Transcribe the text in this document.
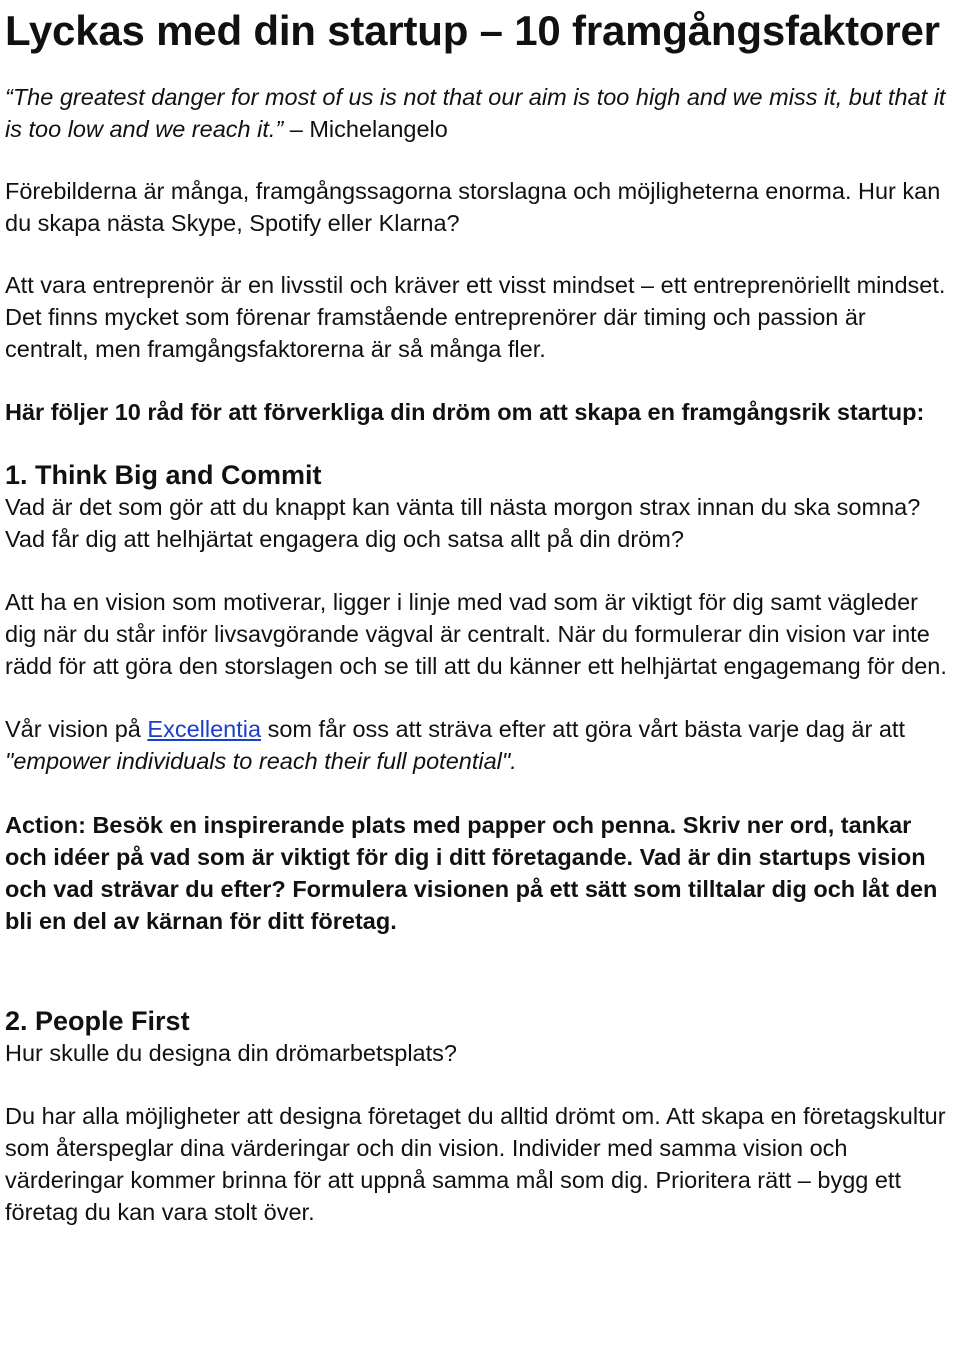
Lyckas med din startup – 10 framgångsfaktorer

“The greatest danger for most of us is not that our aim is too high and we miss it, but that it is too low and we reach it.” – Michelangelo

Förebilderna är många, framgångssagorna storslagna och möjligheterna enorma. Hur kan du skapa nästa Skype, Spotify eller Klarna?

Att vara entreprenör är en livsstil och kräver ett visst mindset – ett entreprenöriellt mindset. Det finns mycket som förenar framstående entreprenörer där timing och passion är centralt, men framgångsfaktorerna är så många fler.

Här följer 10 råd för att förverkliga din dröm om att skapa en framgångsrik startup:

1. Think Big and Commit

Vad är det som gör att du knappt kan vänta till nästa morgon strax innan du ska somna? Vad får dig att helhjärtat engagera dig och satsa allt på din dröm?

Att ha en vision som motiverar, ligger i linje med vad som är viktigt för dig samt vägleder dig när du står inför livsavgörande vägval är centralt. När du formulerar din vision var inte rädd för att göra den storslagen och se till att du känner ett helhjärtat engagemang för den.

Vår vision på Excellentia som får oss att sträva efter att göra vårt bästa varje dag är att "empower individuals to reach their full potential".

Action: Besök en inspirerande plats med papper och penna. Skriv ner ord, tankar och idéer på vad som är viktigt för dig i ditt företagande. Vad är din startups vision och vad strävar du efter? Formulera visionen på ett sätt som tilltalar dig och låt den bli en del av kärnan för ditt företag.

2. People First

Hur skulle du designa din drömarbetsplats?

Du har alla möjligheter att designa företaget du alltid drömt om. Att skapa en företagskultur som återspeglar dina värderingar och din vision. Individer med samma vision och värderingar kommer brinna för att uppnå samma mål som dig. Prioritera rätt – bygg ett företag du kan vara stolt över.
